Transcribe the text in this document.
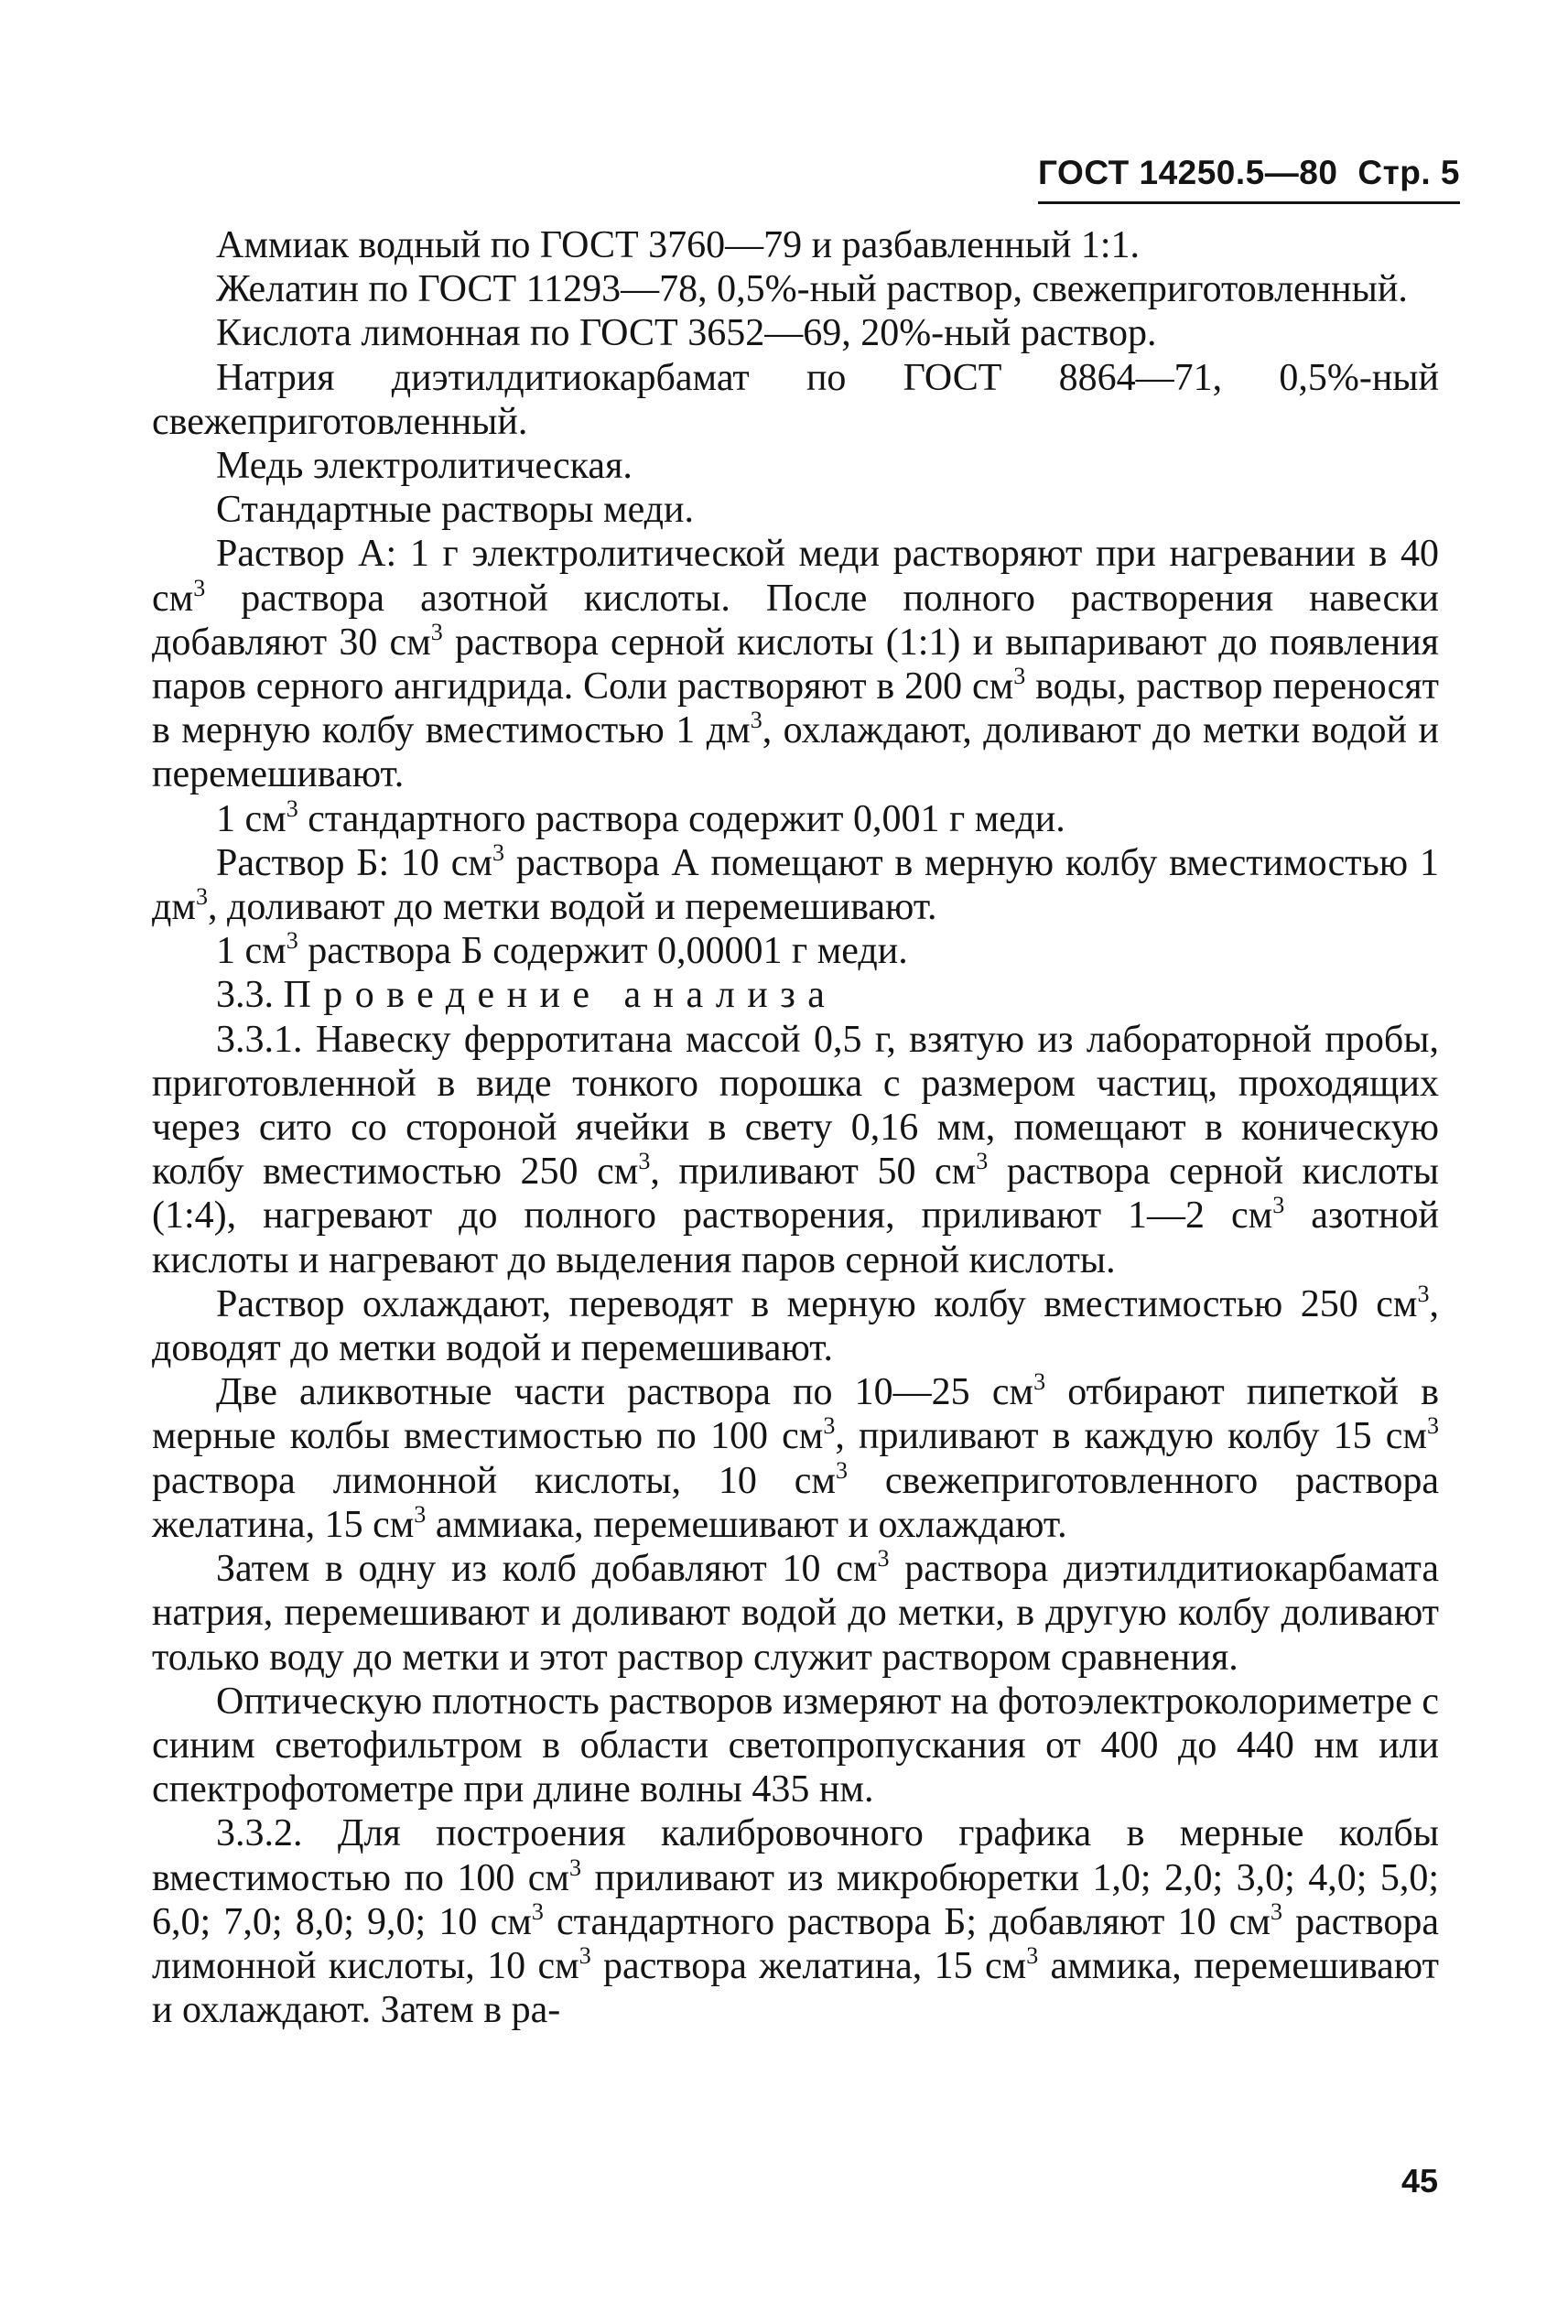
ГОСТ 14250.5—80 Стр. 5

Аммиак водный по ГОСТ 3760—79 и разбавленный 1:1.

Желатин по ГОСТ 11293—78, 0,5%-ный раствор, свежеприготовленный.

Кислота лимонная по ГОСТ 3652—69, 20%-ный раствор.

Натрия диэтилдитиокарбамат по ГОСТ 8864—71, 0,5%-ный свежеприготовленный.

Медь электролитическая.

Стандартные растворы меди.

Раствор А: 1 г электролитической меди растворяют при нагревании в 40 $см^3$ раствора азотной кислоты. После полного растворения навески добавляют 30 $см^3$ раствора серной кислоты (1:1) и выпаривают до появления паров серного ангидрида. Соли растворяют в 200 $см^3$ воды, раствор переносят в мерную колбу вместимостью 1 $дм^3$, охлаждают, доливают до метки водой и перемешивают.

1 $см^3$ стандартного раствора содержит 0,001 г меди.

Раствор Б: 10 $см^3$ раствора А помещают в мерную колбу вместимостью 1 $дм^3$, доливают до метки водой и перемешивают.

1 $см^3$ раствора Б содержит 0,00001 г меди.

3.3. Проведение анализа

3.3.1. Навеску ферротитана массой 0,5 г, взятую из лабораторной пробы, приготовленной в виде тонкого порошка с размером частиц, проходящих через сито со стороной ячейки в свету 0,16 мм, помещают в коническую колбу вместимостью 250 $см^3$, приливают 50 $см^3$ раствора серной кислоты (1:4), нагревают до полного растворения, приливают 1—2 $см^3$ азотной кислоты и нагревают до выделения паров серной кислоты.

Раствор охлаждают, переводят в мерную колбу вместимостью 250 $см^3$, доводят до метки водой и перемешивают.

Две аликвотные части раствора по 10—25 $см^3$ отбирают пипеткой в мерные колбы вместимостью по 100 $см^3$, приливают в каждую колбу 15 $см^3$ раствора лимонной кислоты, 10 $см^3$ свежеприготовленного раствора желатина, 15 $см^3$ аммиака, перемешивают и охлаждают.

Затем в одну из колб добавляют 10 $см^3$ раствора диэтилдитиокарбамата натрия, перемешивают и доливают водой до метки, в другую колбу доливают только воду до метки и этот раствор служит раствором сравнения.

Оптическую плотность растворов измеряют на фотоэлектроколориметре с синим светофильтром в области светопропускания от 400 до 440 нм или спектрофотометре при длине волны 435 нм.

3.3.2. Для построения калибровочного графика в мерные колбы вместимостью по 100 $см^3$ приливают из микробюретки 1,0; 2,0; 3,0; 4,0; 5,0; 6,0; 7,0; 8,0; 9,0; 10 $см^3$ стандартного раствора Б; добавляют 10 $см^3$ раствора лимонной кислоты, 10 $см^3$ раствора желатина, 15 $см^3$ аммика, перемешивают и охлаждают. Затем в ра-

45
